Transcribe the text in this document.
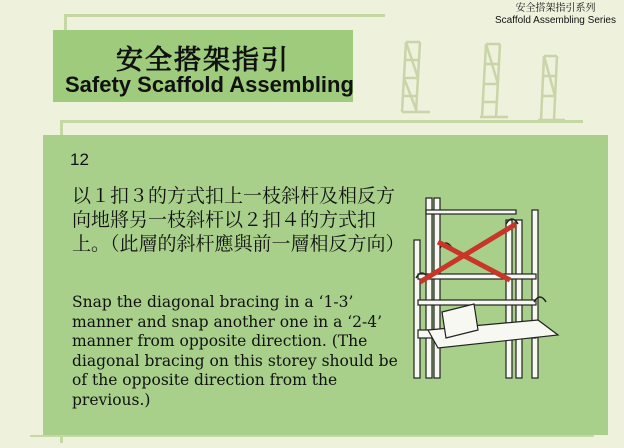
安全搭架指引系列
Scaffold Assembling Series
安全搭架指引
Safety Scaffold Assembling
12

以１扣３的方式扣上一枝斜杆及相反方向地將另一枝斜杆以２扣４的方式扣上。（此層的斜杆應與前一層相反方向）

Snap the diagonal bracing in a ‘1-3’ manner and snap another one in a ‘2-4’ manner from opposite direction. (The diagonal bracing on this storey should be of the opposite direction from the previous.)
